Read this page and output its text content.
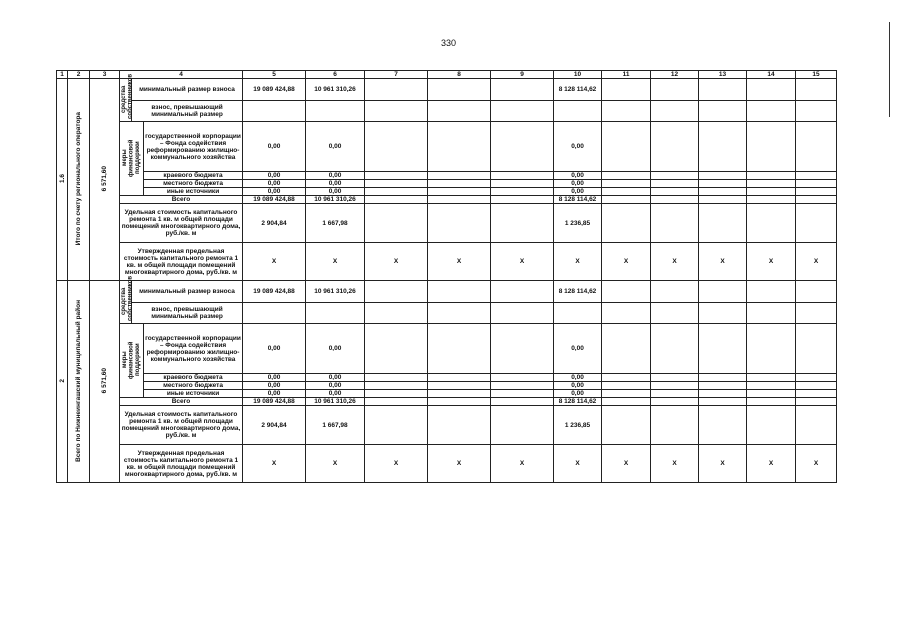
330
1	2	3	4			5	6	7	8	9	10	11	12	13	14	15
1.6	Итого по счету регионального оператора	6 571,60	средства собственников	минимальный размер взноса		19 089 424,88	10 961 310,26				8 128 114,62					
				взнос, превышающий минимальный размер												
			меры финансовой поддержки		государственной корпорации – Фонда содействия реформированию жилищно-коммунального хозяйства	0,00	0,00				0,00					
					краевого бюджета	0,00	0,00				0,00					
					местного бюджета	0,00	0,00				0,00					
					иные источники	0,00	0,00				0,00					
			Всего			19 089 424,88	10 961 310,26				8 128 114,62					
			Удельная стоимость капитального ремонта 1 кв. м общей площади помещений многоквартирного дома, руб./кв. м			2 904,84	1 667,98				1 236,85					
			Утвержденная предельная стоимость капитального ремонта 1 кв. м общей площади помещений многоквартирного дома, руб./кв. м			X	X	X	X	X	X	X	X	X	X	X
2	Всего по Нижнеингашский муниципальный район	6 571,60	средства собственников	минимальный размер взноса		19 089 424,88	10 961 310,26				8 128 114,62					
				взнос, превышающий минимальный размер												
			меры финансовой поддержки		государственной корпорации – Фонда содействия реформированию жилищно-коммунального хозяйства	0,00	0,00				0,00					
					краевого бюджета	0,00	0,00				0,00					
					местного бюджета	0,00	0,00				0,00					
					иные источники	0,00	0,00				0,00					
			Всего			19 089 424,88	10 961 310,26				8 128 114,62					
			Удельная стоимость капитального ремонта 1 кв. м общей площади помещений многоквартирного дома, руб./кв. м			2 904,84	1 667,98				1 236,85					
			Утвержденная предельная стоимость капитального ремонта 1 кв. м общей площади помещений многоквартирного дома, руб./кв. м			X	X	X	X	X	X	X	X	X	X	X
